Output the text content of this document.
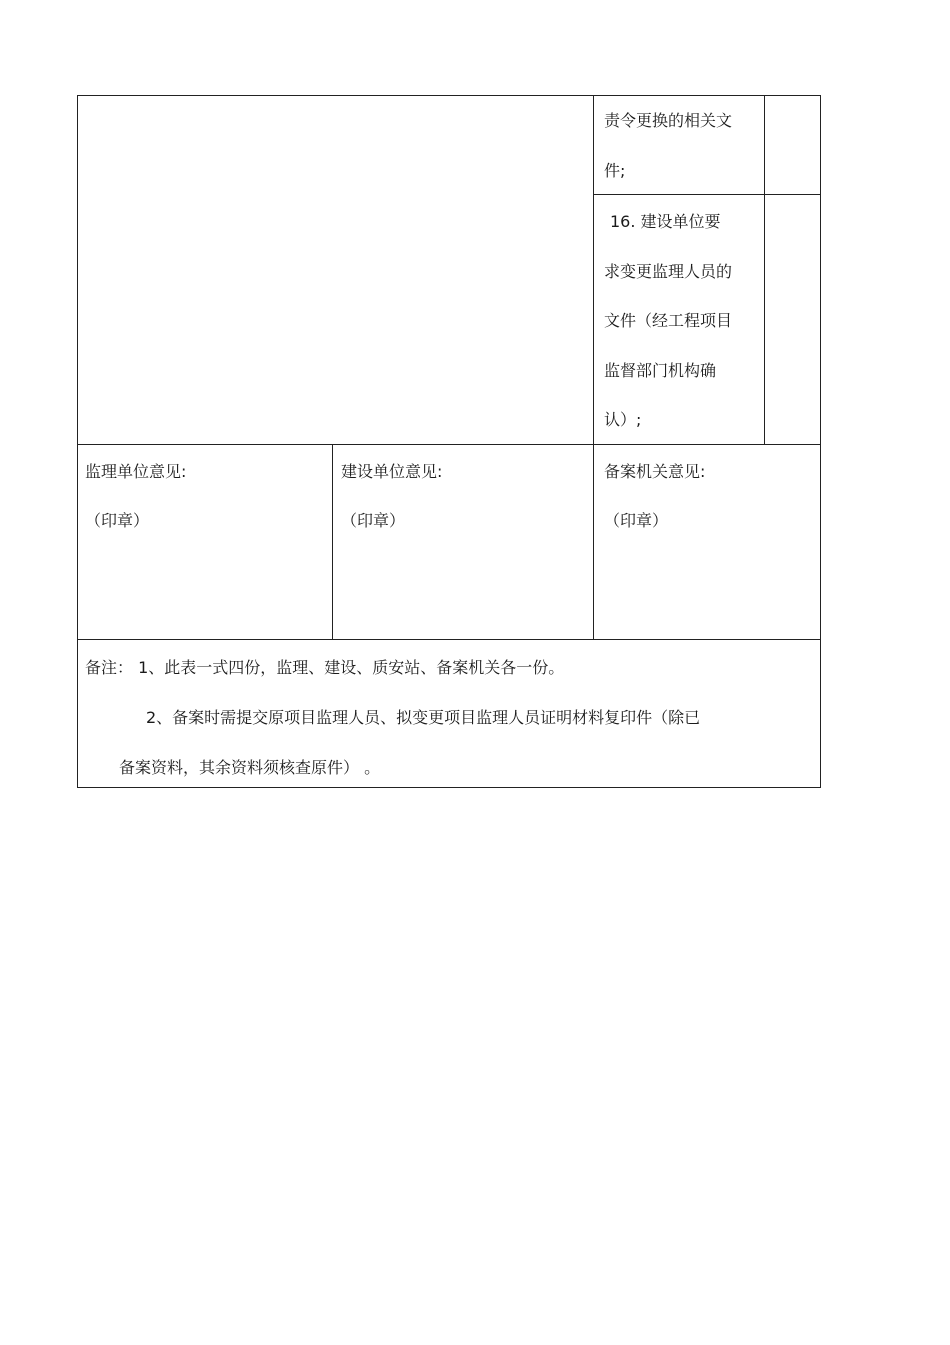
责令更换的相关文

件;

16. 建设单位要

求变更监理人员的

文件（经工程项目

监督部门机构确

认）;

监理单位意见:

（印章）

建设单位意见:

（印章）

备案机关意见:

（印章）

备注： 1、此表一式四份，监理、建设、质安站、备案机关各一份。

2、备案时需提交原项目监理人员、拟变更项目监理人员证明材料复印件（除已

备案资料，其余资料须核查原件） 。
